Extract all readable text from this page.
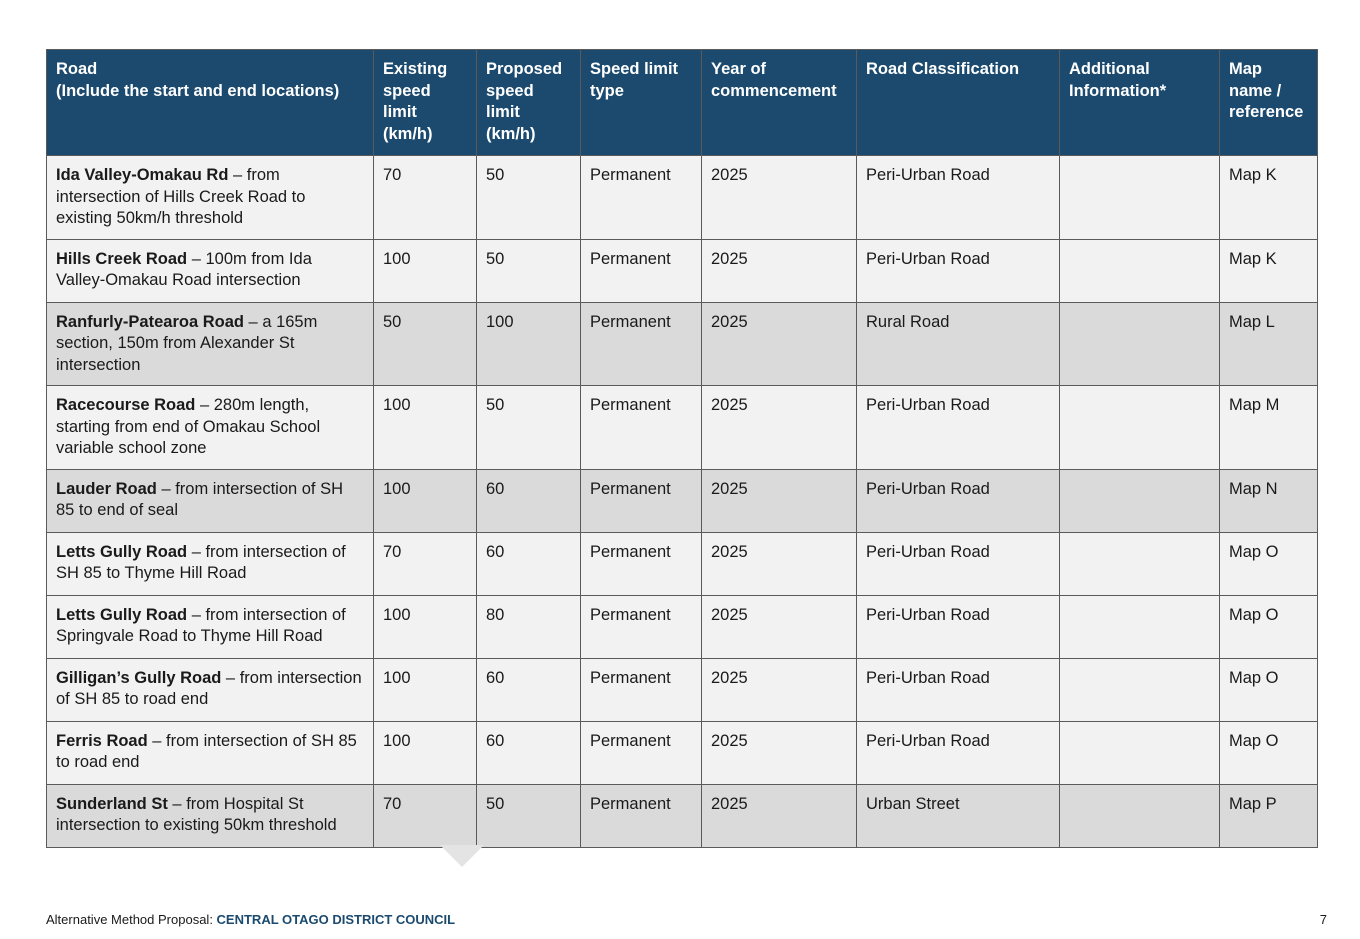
Road
(Include the start and end locations)	Existing speed limit (km/h)	Proposed speed limit (km/h)	Speed limit type	Year of commencement	Road Classification	Additional Information*	Map name / reference
Ida Valley-Omakau Rd – from intersection of Hills Creek Road to existing 50km/h threshold	70	50	Permanent	2025	Peri-Urban Road		Map K
Hills Creek Road – 100m from Ida Valley-Omakau Road intersection	100	50	Permanent	2025	Peri-Urban Road		Map K
Ranfurly-Patearoa Road – a 165m section, 150m from Alexander St intersection	50	100	Permanent	2025	Rural Road		Map L
Racecourse Road – 280m length, starting from end of Omakau School variable school zone	100	50	Permanent	2025	Peri-Urban Road		Map M
Lauder Road – from intersection of SH 85 to end of seal	100	60	Permanent	2025	Peri-Urban Road		Map N
Letts Gully Road – from intersection of SH 85 to Thyme Hill Road	70	60	Permanent	2025	Peri-Urban Road		Map O
Letts Gully Road – from intersection of Springvale Road to Thyme Hill Road	100	80	Permanent	2025	Peri-Urban Road		Map O
Gilligan’s Gully Road – from intersection of SH 85 to road end	100	60	Permanent	2025	Peri-Urban Road		Map O
Ferris Road – from intersection of SH 85 to road end	100	60	Permanent	2025	Peri-Urban Road		Map O
Sunderland St – from Hospital St intersection to existing 50km threshold	70	50	Permanent	2025	Urban Street		Map P
Alternative Method Proposal: CENTRAL OTAGO DISTRICT COUNCIL	7
